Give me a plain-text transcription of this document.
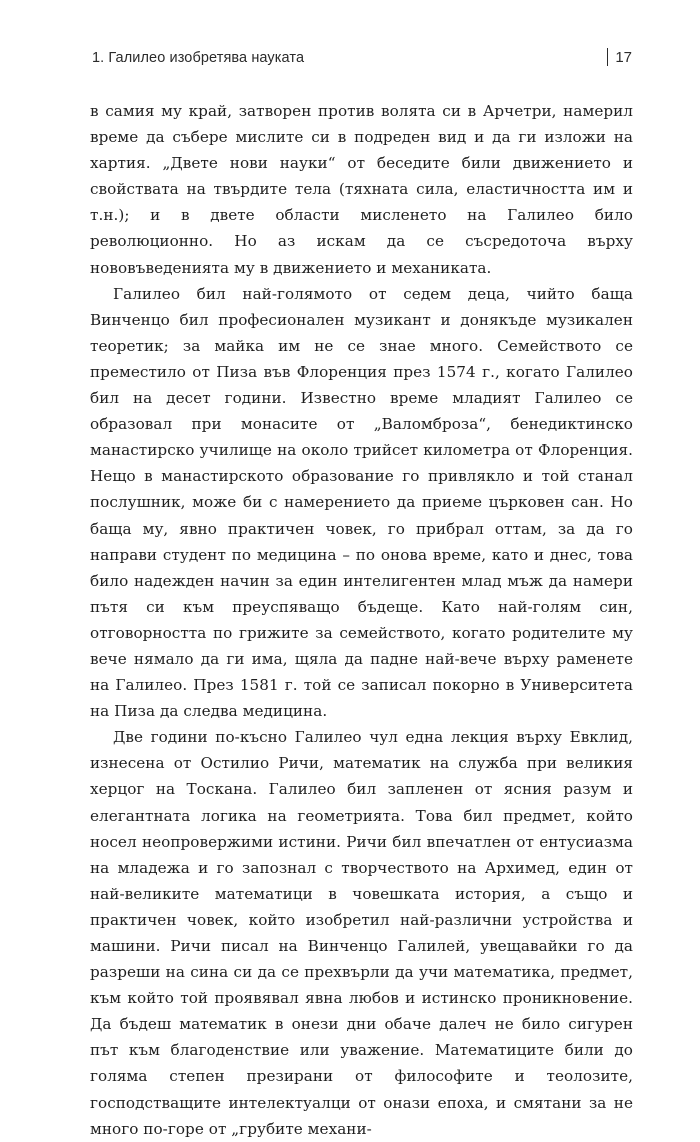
1. Галилео изобретява науката	17

в самия му край, затворен против волята си в Арчетри, намерил време да събере мислите си в подреден вид и да ги изложи на хартия. „Двете нови науки“ от беседите били движението и свойствата на твърдите тела (тяхната сила, еластичността им и т.н.); и в двете области мисленето на Галилео било революционно. Но аз искам да се съсредоточа върху нововъведенията му в движението и механиката.

Галилео бил най-голямото от седем деца, чийто баща Винченцо бил професионален музикант и донякъде музикален теоретик; за майка им не се знае много. Семейството се преместило от Пиза във Флоренция през 1574 г., когато Галилео бил на десет години. Известно време младият Галилео се образовал при монасите от „Валомброза“, бенедиктинско манастирско училище на около трийсет километра от Флоренция. Нещо в манастирското образование го привлякло и той станал послушник, може би с намерението да приеме църковен сан. Но баща му, явно практичен човек, го прибрал оттам, за да го направи студент по медицина – по онова време, като и днес, това било надежден начин за един интелигентен млад мъж да намери пътя си към преуспяващо бъдеще. Като най-голям син, отговорността по грижите за семейството, когато родителите му вече нямало да ги има, щяла да падне най-вече върху раменете на Галилео. През 1581 г. той се записал покорно в Университета на Пиза да следва медицина.

Две години по-късно Галилео чул една лекция върху Евклид, изнесена от Остилио Ричи, математик на служба при великия херцог на Тоскана. Галилео бил запленен от ясния разум и елегантната логика на геометрията. Това бил предмет, който носел неопровержими истини. Ричи бил впечатлен от ентусиазма на младежа и го запознал с творчеството на Архимед, един от най-великите математици в човешката история, а също и практичен човек, който изобретил най-различни устройства и машини. Ричи писал на Винченцо Галилей, увещавайки го да разреши на сина си да се прехвърли да учи математика, предмет, към който той проявявал явна любов и истинско проникновение. Да бъдеш математик в онези дни обаче далеч не било сигурен път към благоденствие или уважение. Математиците били до голяма степен презирани от философите и теолозите, господстващите интелектуалци от онази епоха, и смятани за не много по-горе от „грубите механи-
